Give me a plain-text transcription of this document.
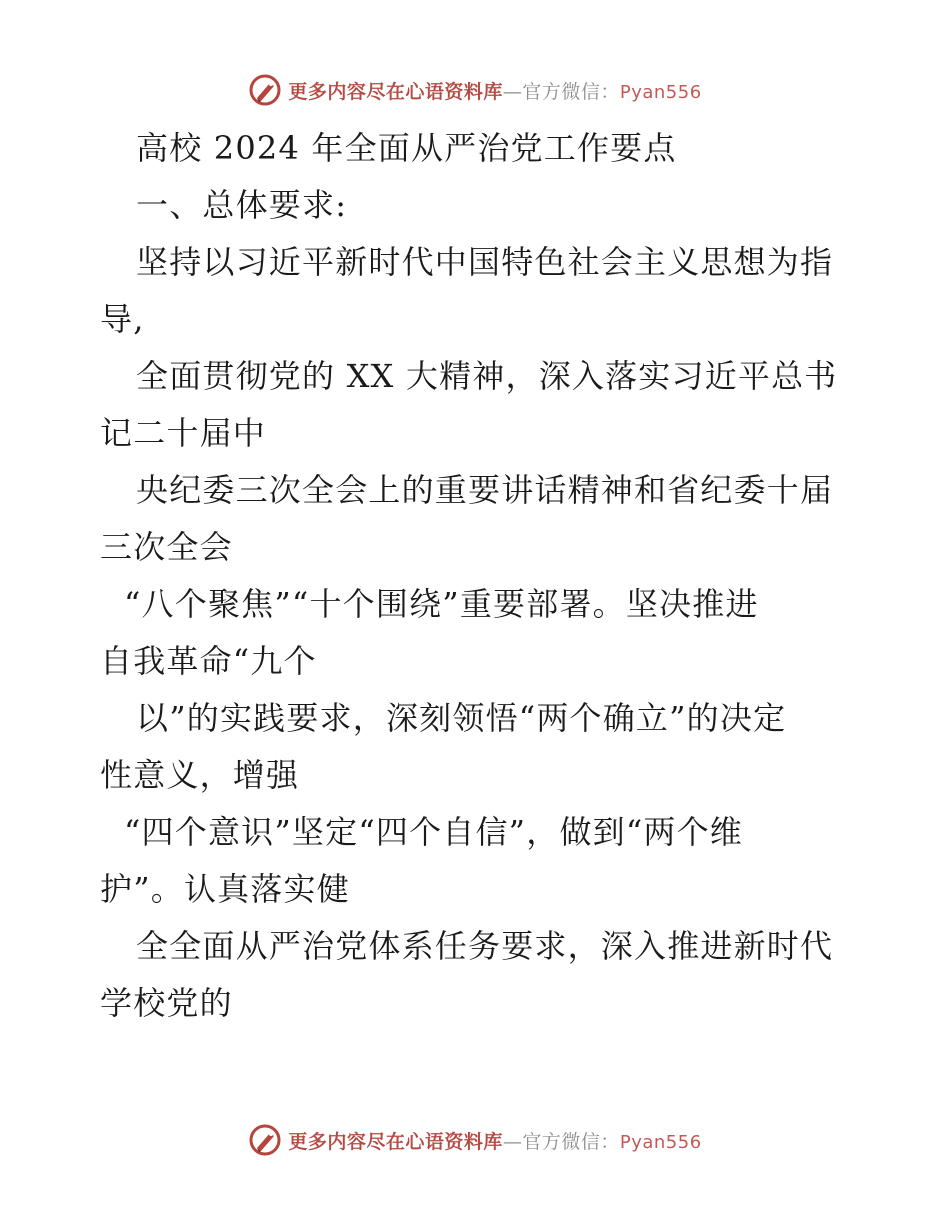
更多内容尽在心语资料库—官方微信：Pyan556
高校 2024 年全面从严治党工作要点
一、总体要求:
坚持以习近平新时代中国特色社会主义思想为指
导,
全面贯彻党的 XX 大精神，深入落实习近平总书
记二十届中
央纪委三次全会上的重要讲话精神和省纪委十届
三次全会
“八个聚焦”“十个围绕”重要部署。坚决推进
自我革命“九个
以”的实践要求，深刻领悟“两个确立”的决定
性意义，增强
“四个意识”坚定“四个自信”，做到“两个维
护”。认真落实健
全全面从严治党体系任务要求，深入推进新时代
学校党的
更多内容尽在心语资料库—官方微信：Pyan556
